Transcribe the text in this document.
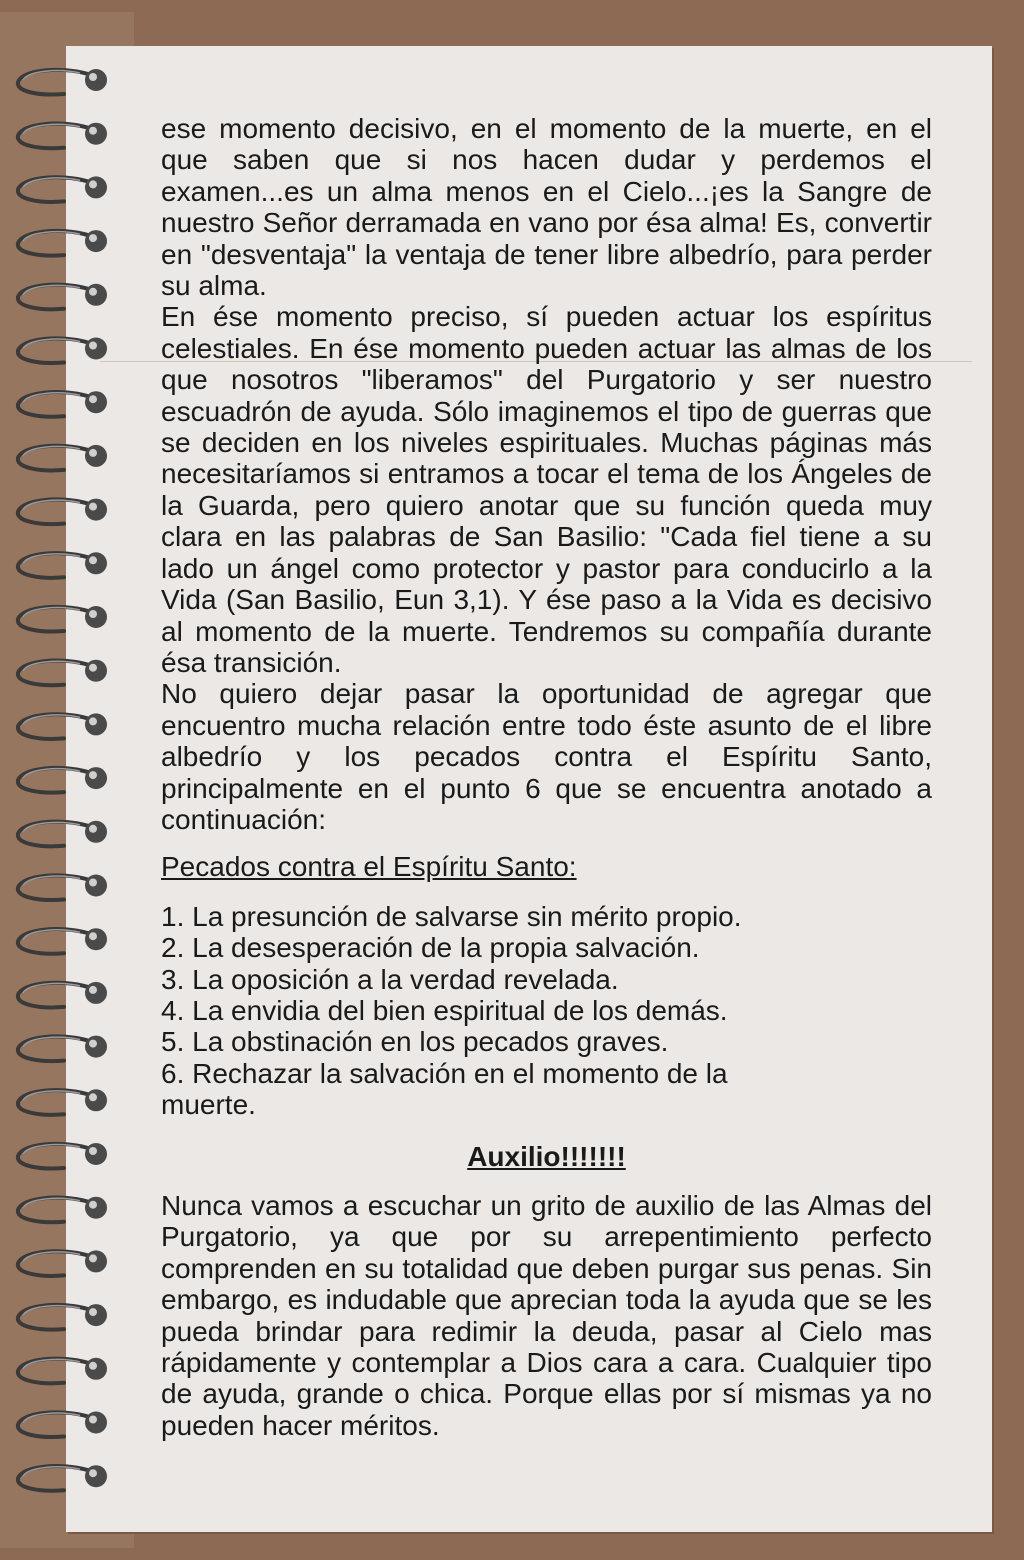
ese momento decisivo, en el momento de la muerte, en el que saben que si nos hacen dudar y perdemos el examen...es un alma menos en el Cielo...¡es la Sangre de nuestro Señor derramada en vano por ésa alma! Es, convertir en "desventaja" la ventaja de tener libre albedrío, para perder su alma.

En ése momento preciso, sí pueden actuar los espíritus celestiales. En ése momento pueden actuar las almas de los que nosotros "liberamos" del Purgatorio y ser nuestro escuadrón de ayuda. Sólo imaginemos el tipo de guerras que se deciden en los niveles espirituales. Muchas páginas más necesitaríamos si entramos a tocar el tema de los Ángeles de la Guarda, pero quiero anotar que su función queda muy clara en las palabras de San Basilio: "Cada fiel tiene a su lado un ángel como protector y pastor para conducirlo a la Vida (San Basilio, Eun 3,1). Y ése paso a la Vida es decisivo al momento de la muerte. Tendremos su compañía durante ésa transición.

No quiero dejar pasar la oportunidad de agregar que encuentro mucha relación entre todo éste asunto de el libre albedrío y los pecados contra el Espíritu Santo, principalmente en el punto 6 que se encuentra anotado a continuación:

Pecados contra el Espíritu Santo:

1. La presunción de salvarse sin mérito propio.
2. La desesperación de la propia salvación.
3. La oposición a la verdad revelada.
4. La envidia del bien espiritual de los demás.
5. La obstinación en los pecados graves.
6. Rechazar la salvación en el momento de la muerte.

Auxilio!!!!!!!

Nunca vamos a escuchar un grito de auxilio de las Almas del Purgatorio, ya que por su arrepentimiento perfecto comprenden en su totalidad que deben purgar sus penas. Sin embargo, es indudable que aprecian toda la ayuda que se les pueda brindar para redimir la deuda, pasar al Cielo mas rápidamente y contemplar a Dios cara a cara. Cualquier tipo de ayuda, grande o chica. Porque ellas por sí mismas ya no pueden hacer méritos.
